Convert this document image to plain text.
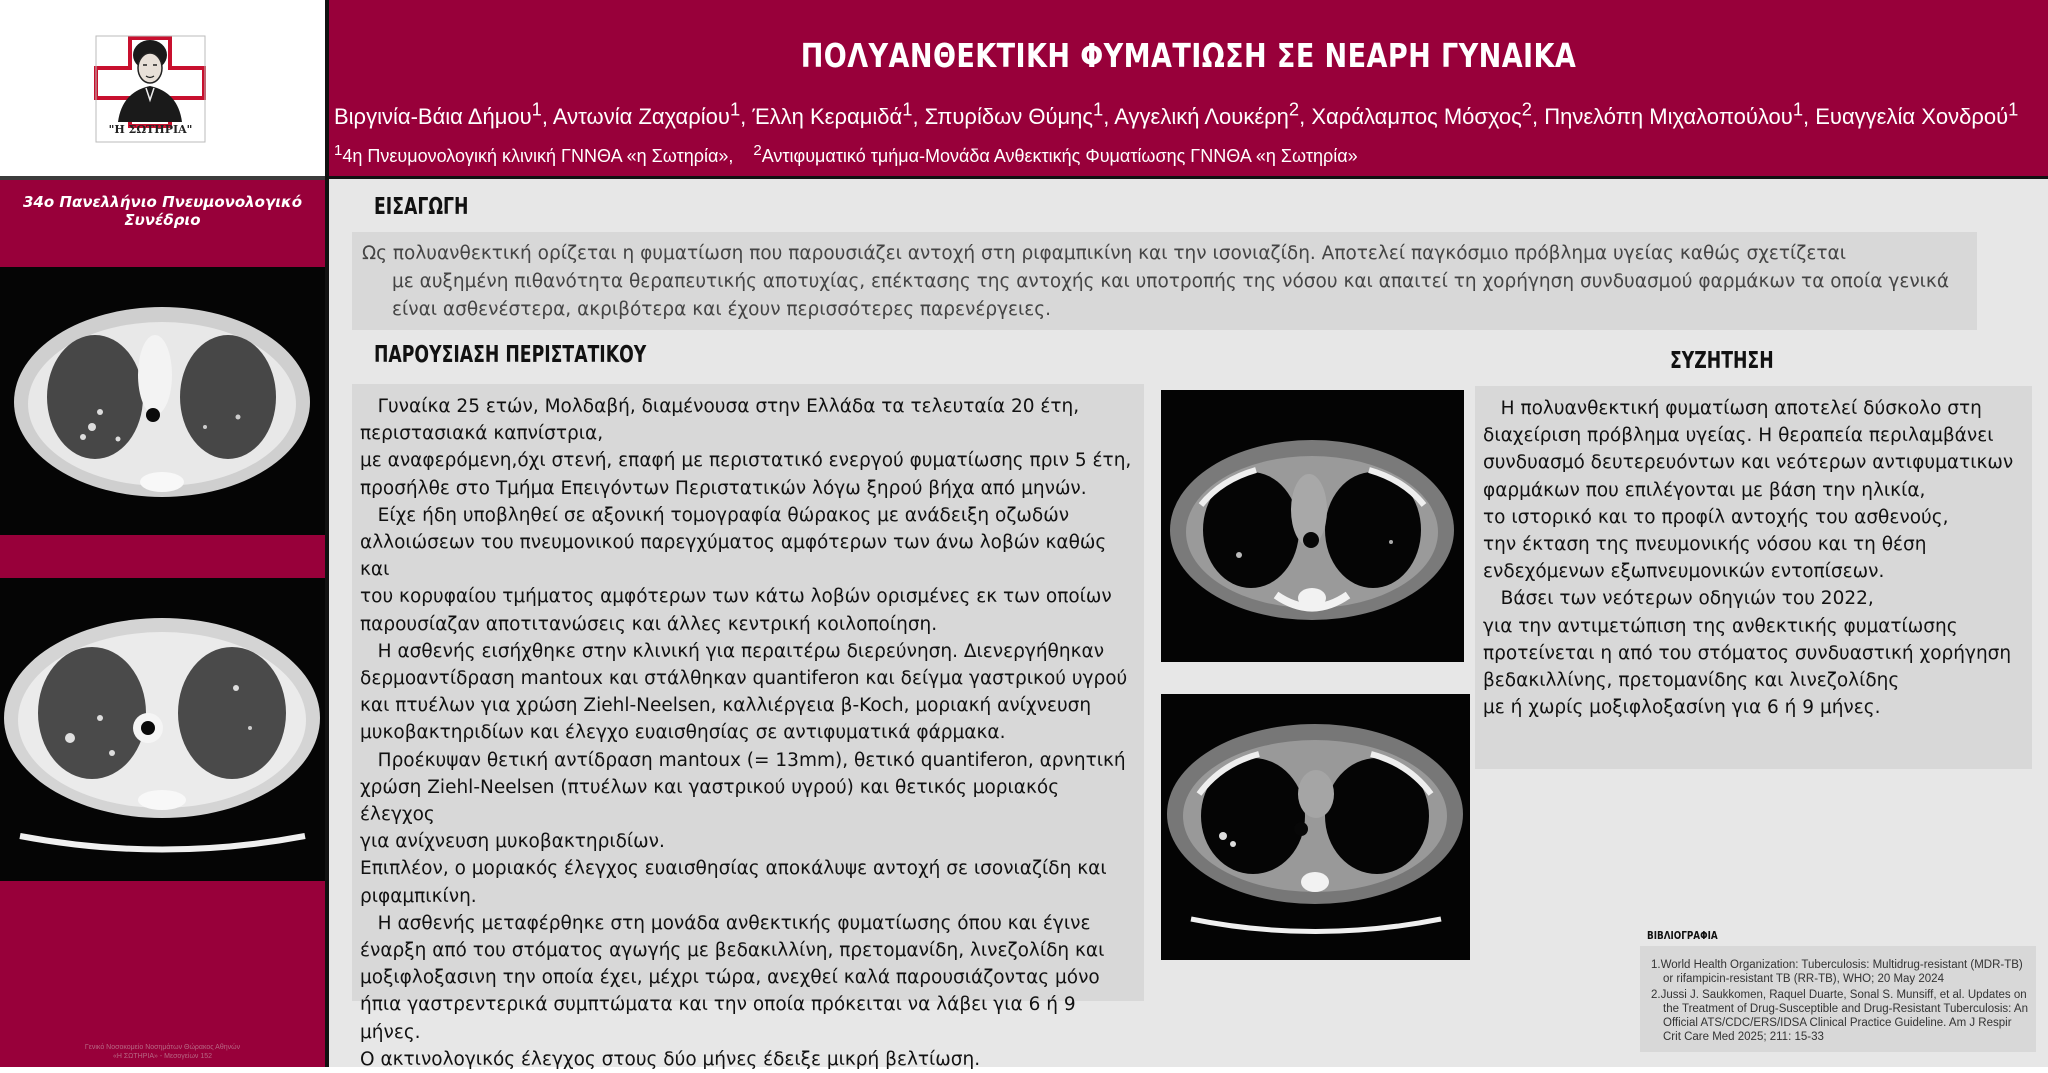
"Η ΣΩΤΗΡΙΑ"
34ο Πανελλήνιο Πνευμονολογικό Συνέδριο
Γενικό Νοσοκομείο Νοσημάτων Θώρακος Αθηνών
«Η ΣΩΤΗΡΙΑ» - Μεσογείων 152
ΠΟΛΥΑΝΘΕΚΤΙΚΗ ΦΥΜΑΤΙΩΣΗ ΣΕ ΝΕΑΡΗ ΓΥΝΑΙΚΑ
Βιργινία-Βάια Δήμου$^1$, Αντωνία Ζαχαρίου$^1$, Έλλη Κεραμιδά$^1$, Σπυρίδων Θύμης$^1$, Αγγελική Λουκέρη$^2$, Χαράλαμπος Μόσχος$^2$, Πηνελόπη Μιχαλοπούλου$^1$, Ευαγγελία Χονδρού$^1$
$^1$4η Πνευμονολογική κλινική ΓΝΝΘΑ «η Σωτηρία», $^2$Αντιφυματικό τμήμα-Μονάδα Ανθεκτικής Φυματίωσης ΓΝΝΘΑ «η Σωτηρία»
ΕΙΣΑΓΩΓΗ

Ως πολυανθεκτική ορίζεται η φυματίωση που παρουσιάζει αντοχή στη ριφαμπικίνη και την ισονιαζίδη. Αποτελεί παγκόσμιο πρόβλημα υγείας καθώς σχετίζεται
με αυξημένη πιθανότητα θεραπευτικής αποτυχίας, επέκτασης της αντοχής και υποτροπής της νόσου και απαιτεί τη χορήγηση συνδυασμού φαρμάκων τα οποία γενικά
είναι ασθενέστερα, ακριβότερα και έχουν περισσότερες παρενέργειες.

ΠΑΡΟΥΣΙΑΣΗ ΠΕΡΙΣΤΑΤΙΚΟΥ

Γυναίκα 25 ετών, Μολδαβή, διαμένουσα στην Ελλάδα τα τελευταία 20 έτη,

περιστασιακά καπνίστρια,

με αναφερόμενη,όχι στενή, επαφή με περιστατικό ενεργού φυματίωσης πριν 5 έτη,

προσήλθε στο Τμήμα Επειγόντων Περιστατικών λόγω ξηρού βήχα από μηνών.

Είχε ήδη υποβληθεί σε αξονική τομογραφία θώρακος με ανάδειξη οζωδών

αλλοιώσεων του πνευμονικού παρεγχύματος αμφότερων των άνω λοβών καθώς και

του κορυφαίου τμήματος αμφότερων των κάτω λοβών ορισμένες εκ των οποίων

παρουσίαζαν αποτιτανώσεις και άλλες κεντρική κοιλοποίηση.

Η ασθενής εισήχθηκε στην κλινική για περαιτέρω διερεύνηση. Διενεργήθηκαν

δερμοαντίδραση mantoux και στάλθηκαν quantiferon και δείγμα γαστρικού υγρού

και πτυέλων για χρώση Ziehl-Neelsen, καλλιέργεια β-Koch, μοριακή ανίχνευση

μυκοβακτηριδίων και έλεγχο ευαισθησίας σε αντιφυματικά φάρμακα.

Προέκυψαν θετική αντίδραση mantoux (= 13mm), θετικό quantiferon, αρνητική

χρώση Ziehl-Neelsen (πτυέλων και γαστρικού υγρού) και θετικός μοριακός έλεγχος

για ανίχνευση μυκοβακτηριδίων.

Επιπλέον, ο μοριακός έλεγχος ευαισθησίας αποκάλυψε αντοχή σε ισονιαζίδη και

ριφαμπικίνη.

Η ασθενής μεταφέρθηκε στη μονάδα ανθεκτικής φυματίωσης όπου και έγινε

έναρξη από του στόματος αγωγής με βεδακιλλίνη, πρετομανίδη, λινεζολίδη και

μοξιφλοξασινη την οποία έχει, μέχρι τώρα, ανεχθεί καλά παρουσιάζοντας μόνο

ήπια γαστρεντερικά συμπτώματα και την οποία πρόκειται να λάβει για 6 ή 9 μήνες.

Ο ακτινολογικός έλεγχος στους δύο μήνες έδειξε μικρή βελτίωση.

ΣΥΖΗΤΗΣΗ

Η πολυανθεκτική φυματίωση αποτελεί δύσκολο στη

διαχείριση πρόβλημα υγείας. Η θεραπεία περιλαμβάνει

συνδυασμό δευτερευόντων και νεότερων αντιφυματικων

φαρμάκων που επιλέγονται με βάση την ηλικία,

το ιστορικό και το προφίλ αντοχής του ασθενούς,

την έκταση της πνευμονικής νόσου και τη θέση

ενδεχόμενων εξωπνευμονικών εντοπίσεων.

Βάσει των νεότερων οδηγιών του 2022,

για την αντιμετώπιση της ανθεκτικής φυματίωσης

προτείνεται η από του στόματος συνδυαστική χορήγηση

βεδακιλλίνης, πρετομανίδης και λινεζολίδης

με ή χωρίς μοξιφλοξασίνη για 6 ή 9 μήνες.

ΒΙΒΛΙΟΓΡΑΦΙΑ

1.World Health Organization: Tuberculosis: Multidrug-resistant (MDR-TB) or rifampicin-resistant TB (RR-TB), WHO; 20 May 2024

2.Jussi J. Saukkomen, Raquel Duarte, Sonal S. Munsiff, et al. Updates on the Treatment of Drug-Susceptible and Drug-Resistant Tuberculosis: An Official ATS/CDC/ERS/IDSA Clinical Practice Guideline. Am J Respir Crit Care Med 2025; 211: 15-33
